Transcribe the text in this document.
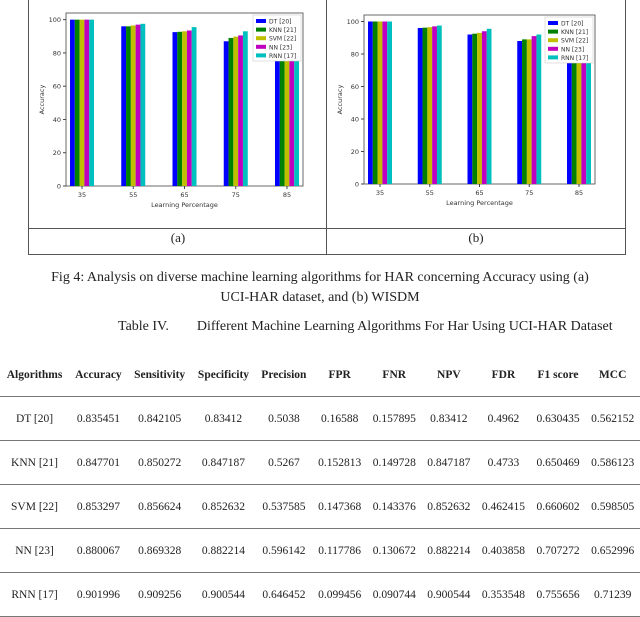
(a)	(b)
0
20
40
60
80
100
35	55	65	75	85
Learning Percentage
Accuracy
DT [20]
KNN [21]
SVM [22]
NN [23]
RNN [17]
0
20
40
60
80
100
35	55	65	75	85
Learning Percentage
Accuracy
DT [20]
KNN [21]
SVM [22]
NN [23]
RNN [17]
Fig 4: Analysis on diverse machine learning algorithms for HAR concerning Accuracy using (a)
UCI-HAR dataset, and (b) WISDM
Table IV.        Different Machine Learning Algorithms For Har Using UCI-HAR Dataset
Algorithms	Accuracy	Sensitivity	Specificity	Precision	FPR	FNR	NPV	FDR	F1 score	MCC
DT [20]	0.835451	0.842105	0.83412	0.5038	0.16588	0.157895	0.83412	0.4962	0.630435	0.562152
KNN [21]	0.847701	0.850272	0.847187	0.5267	0.152813	0.149728	0.847187	0.4733	0.650469	0.586123
SVM [22]	0.853297	0.856624	0.852632	0.537585	0.147368	0.143376	0.852632	0.462415	0.660602	0.598505
NN [23]	0.880067	0.869328	0.882214	0.596142	0.117786	0.130672	0.882214	0.403858	0.707272	0.652996
RNN [17]	0.901996	0.909256	0.900544	0.646452	0.099456	0.090744	0.900544	0.353548	0.755656	0.71239
